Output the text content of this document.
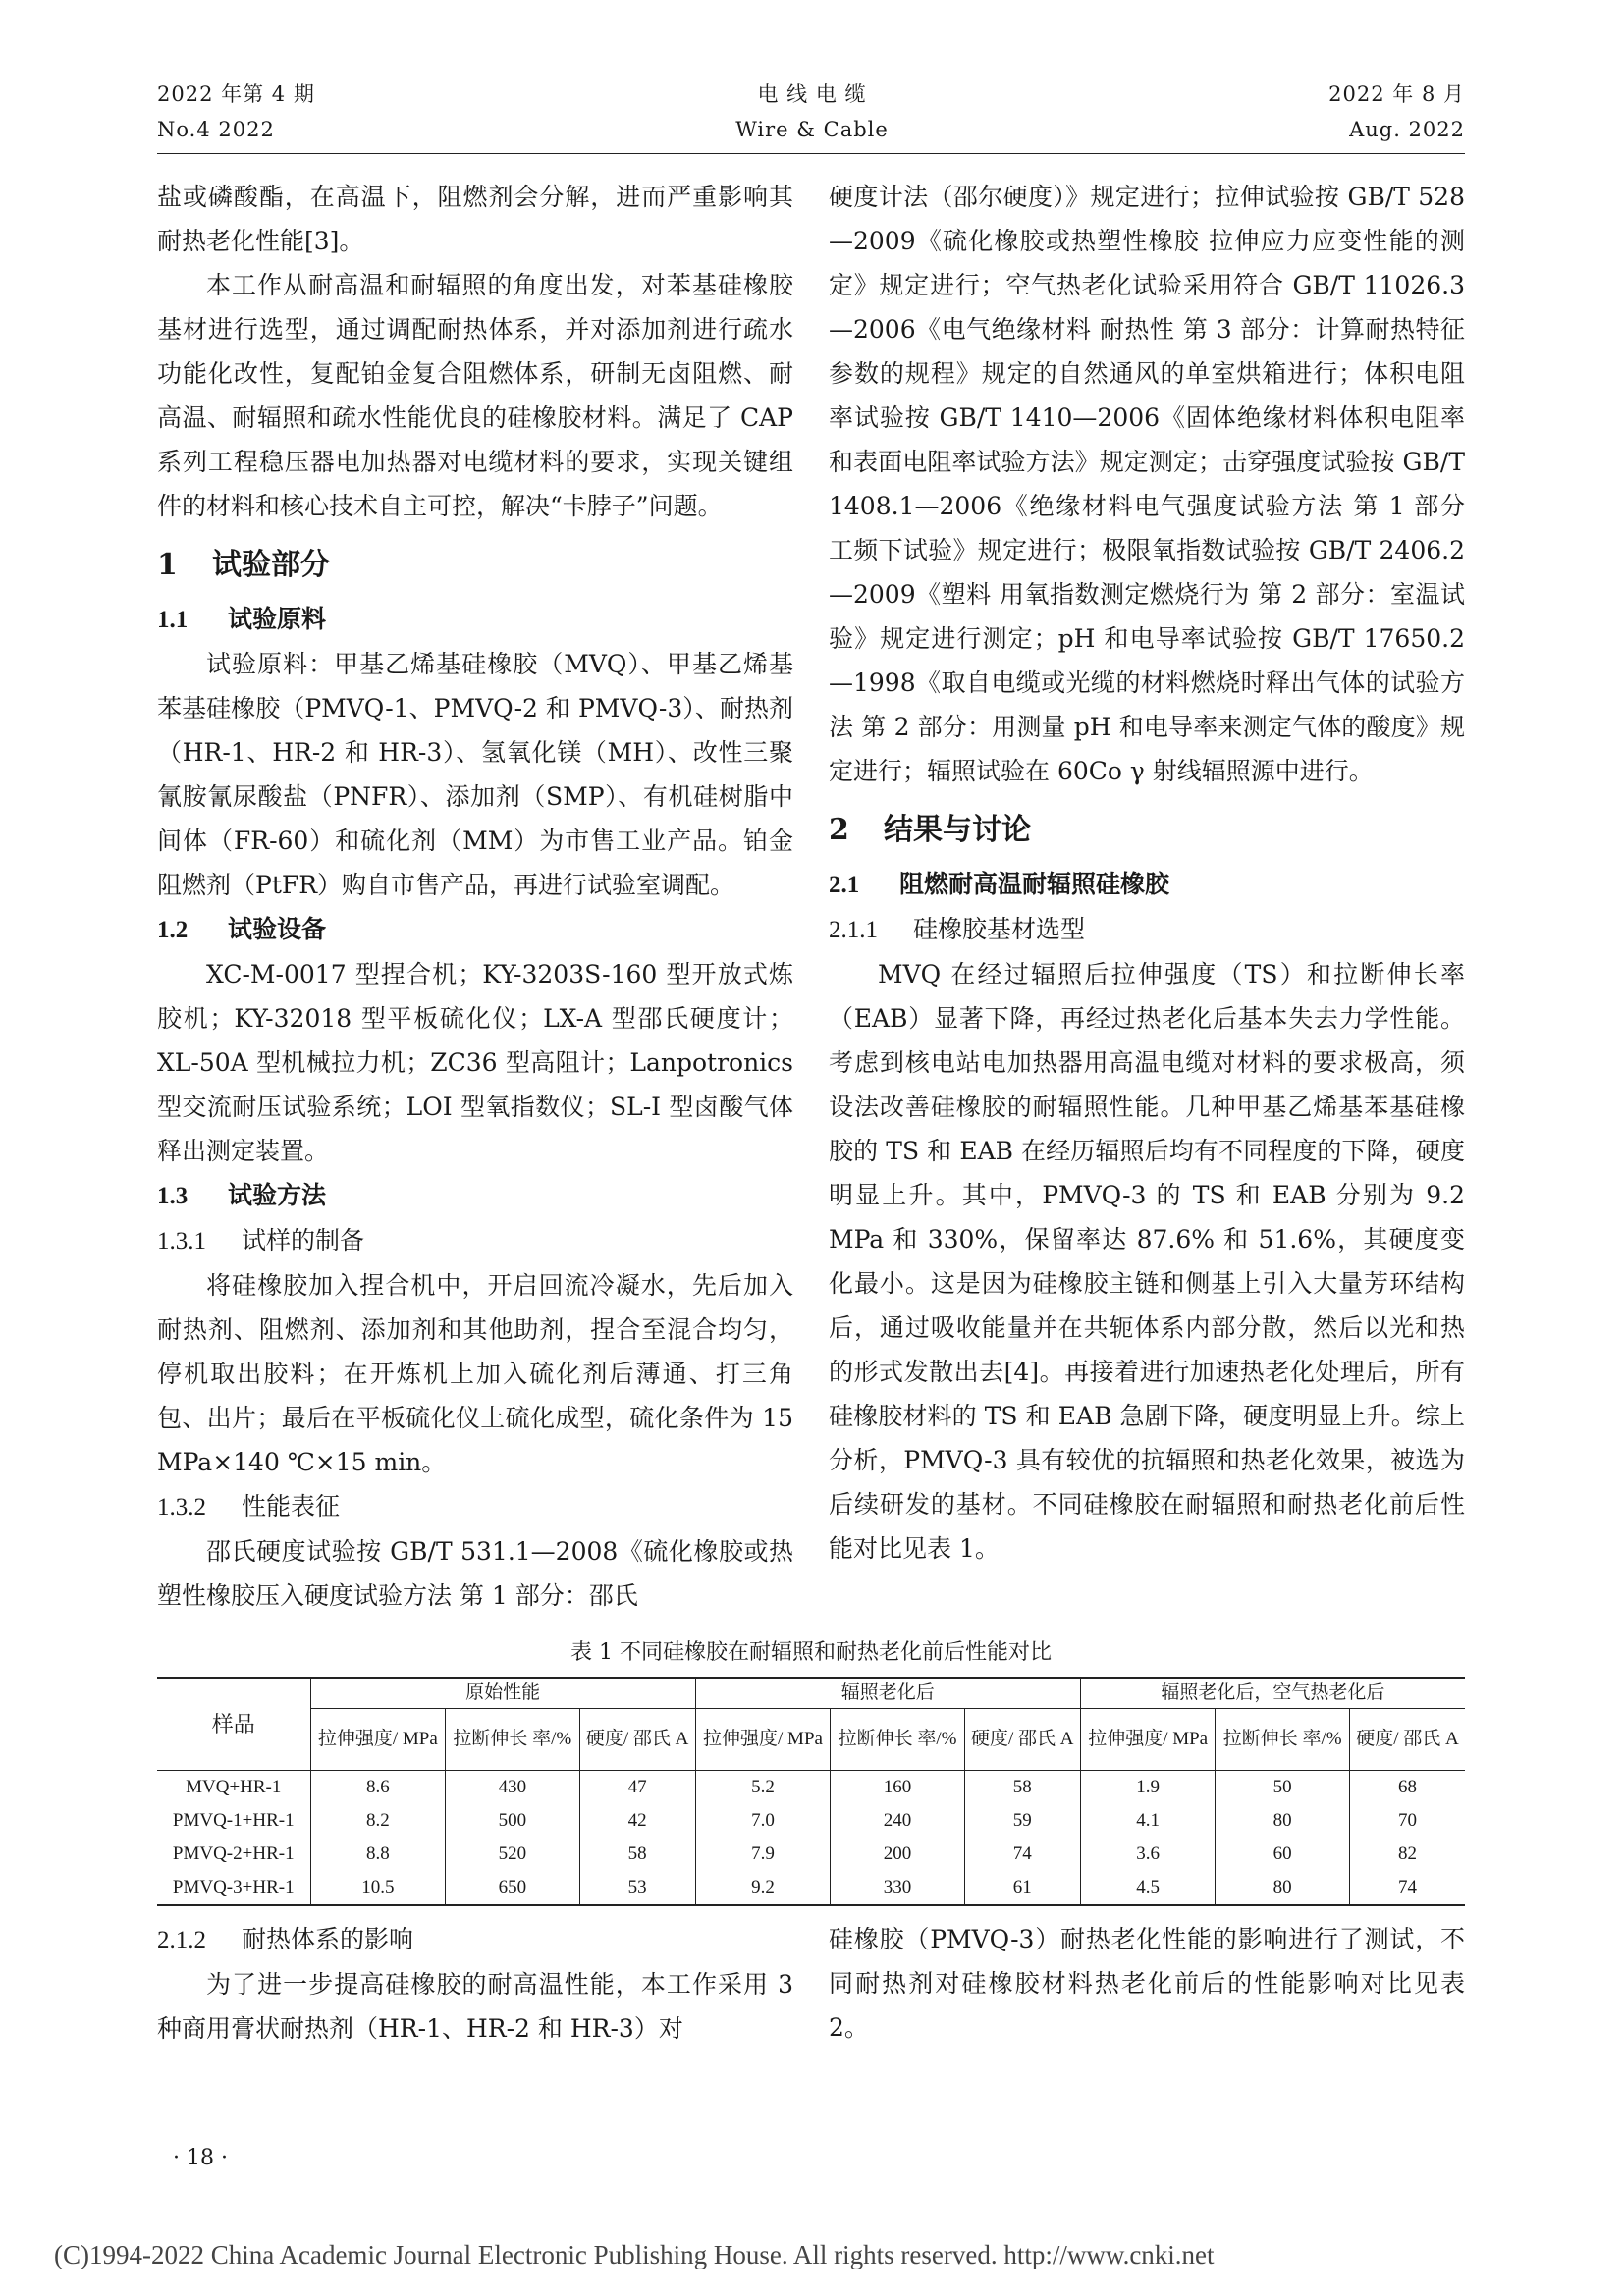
2022 年第 4 期
No.4 2022
电 线 电 缆
Wire & Cable
2022 年 8 月
Aug. 2022

盐或磷酸酯，在高温下，阻燃剂会分解，进而严重影响其耐热老化性能[3]。

本工作从耐高温和耐辐照的角度出发，对苯基硅橡胶基材进行选型，通过调配耐热体系，并对添加剂进行疏水功能化改性，复配铂金复合阻燃体系，研制无卤阻燃、耐高温、耐辐照和疏水性能优良的硅橡胶材料。满足了 CAP 系列工程稳压器电加热器对电缆材料的要求，实现关键组件的材料和核心技术自主可控，解决“卡脖子”问题。

1 试验部分
1.1 试验原料

试验原料：甲基乙烯基硅橡胶（MVQ）、甲基乙烯基苯基硅橡胶（PMVQ-1、PMVQ-2 和 PMVQ-3）、耐热剂（HR-1、HR-2 和 HR-3）、氢氧化镁（MH）、改性三聚氰胺氰尿酸盐（PNFR）、添加剂（SMP）、有机硅树脂中间体（FR-60）和硫化剂（MM）为市售工业产品。铂金阻燃剂（PtFR）购自市售产品，再进行试验室调配。

1.2 试验设备

XC-M-0017 型捏合机；KY-3203S-160 型开放式炼胶机；KY-32018 型平板硫化仪；LX-A 型邵氏硬度计；XL-50A 型机械拉力机；ZC36 型高阻计；Lanpotronics 型交流耐压试验系统；LOI 型氧指数仪；SL-I 型卤酸气体释出测定装置。

1.3 试验方法
1.3.1 试样的制备

将硅橡胶加入捏合机中，开启回流冷凝水，先后加入耐热剂、阻燃剂、添加剂和其他助剂，捏合至混合均匀，停机取出胶料；在开炼机上加入硫化剂后薄通、打三角包、出片；最后在平板硫化仪上硫化成型，硫化条件为 15 MPa×140 ℃×15 min。

1.3.2 性能表征

邵氏硬度试验按 GB/T 531.1—2008《硫化橡胶或热塑性橡胶压入硬度试验方法 第 1 部分：邵氏

硬度计法（邵尔硬度）》规定进行；拉伸试验按 GB/T 528—2009《硫化橡胶或热塑性橡胶 拉伸应力应变性能的测定》规定进行；空气热老化试验采用符合 GB/T 11026.3—2006《电气绝缘材料 耐热性 第 3 部分：计算耐热特征参数的规程》规定的自然通风的单室烘箱进行；体积电阻率试验按 GB/T 1410—2006《固体绝缘材料体积电阻率和表面电阻率试验方法》规定测定；击穿强度试验按 GB/T 1408.1—2006《绝缘材料电气强度试验方法 第 1 部分 工频下试验》规定进行；极限氧指数试验按 GB/T 2406.2—2009《塑料 用氧指数测定燃烧行为 第 2 部分：室温试验》规定进行测定；pH 和电导率试验按 GB/T 17650.2—1998《取自电缆或光缆的材料燃烧时释出气体的试验方法 第 2 部分：用测量 pH 和电导率来测定气体的酸度》规定进行；辐照试验在 60Co γ 射线辐照源中进行。

2 结果与讨论
2.1 阻燃耐高温耐辐照硅橡胶
2.1.1 硅橡胶基材选型

MVQ 在经过辐照后拉伸强度（TS）和拉断伸长率（EAB）显著下降，再经过热老化后基本失去力学性能。考虑到核电站电加热器用高温电缆对材料的要求极高，须设法改善硅橡胶的耐辐照性能。几种甲基乙烯基苯基硅橡胶的 TS 和 EAB 在经历辐照后均有不同程度的下降，硬度明显上升。其中，PMVQ-3 的 TS 和 EAB 分别为 9.2 MPa 和 330%，保留率达 87.6% 和 51.6%，其硬度变化最小。这是因为硅橡胶主链和侧基上引入大量芳环结构后，通过吸收能量并在共轭体系内部分散，然后以光和热的形式发散出去[4]。再接着进行加速热老化处理后，所有硅橡胶材料的 TS 和 EAB 急剧下降，硬度明显上升。综上分析，PMVQ-3 具有较优的抗辐照和热老化效果，被选为后续研发的基材。不同硅橡胶在耐辐照和耐热老化前后性能对比见表 1。

表 1 不同硅橡胶在耐辐照和耐热老化前后性能对比
样品	原始性能			辐照老化后			辐照老化后，空气热老化后		
	拉伸强度/ MPa	拉断伸长 率/%	硬度/ 邵氏 A	拉伸强度/ MPa	拉断伸长 率/%	硬度/ 邵氏 A	拉伸强度/ MPa	拉断伸长 率/%	硬度/ 邵氏 A
MVQ+HR-1	8.6	430	47	5.2	160	58	1.9	50	68
PMVQ-1+HR-1	8.2	500	42	7.0	240	59	4.1	80	70
PMVQ-2+HR-1	8.8	520	58	7.9	200	74	3.6	60	82
PMVQ-3+HR-1	10.5	650	53	9.2	330	61	4.5	80	74
2.1.2 耐热体系的影响

为了进一步提高硅橡胶的耐高温性能，本工作采用 3 种商用膏状耐热剂（HR-1、HR-2 和 HR-3）对

硅橡胶（PMVQ-3）耐热老化性能的影响进行了测试，不同耐热剂对硅橡胶材料热老化前后的性能影响对比见表 2。

· 18 ·
(C)1994-2022 China Academic Journal Electronic Publishing House. All rights reserved. http://www.cnki.net
